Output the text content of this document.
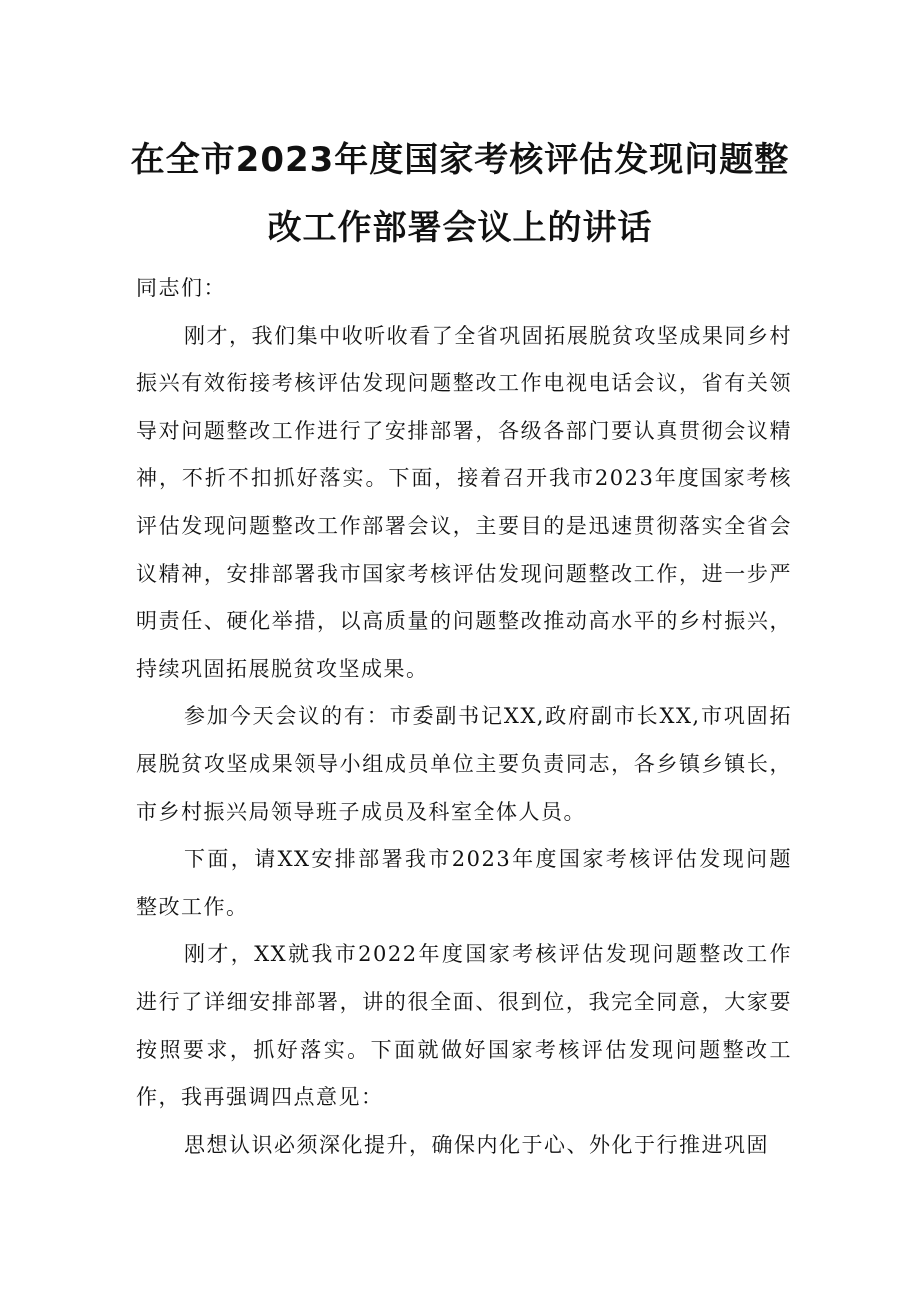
在全市2023年度国家考核评估发现问题整
改工作部署会议上的讲话

同志们：

刚才，我们集中收听收看了全省巩固拓展脱贫攻坚成果同乡村振兴有效衔接考核评估发现问题整改工作电视电话会议，省有关领导对问题整改工作进行了安排部署，各级各部门要认真贯彻会议精神，不折不扣抓好落实。下面，接着召开我市2023年度国家考核评估发现问题整改工作部署会议，主要目的是迅速贯彻落实全省会议精神，安排部署我市国家考核评估发现问题整改工作，进一步严明责任、硬化举措，以高质量的问题整改推动高水平的乡村振兴，持续巩固拓展脱贫攻坚成果。

参加今天会议的有：市委副书记XX,政府副市长XX,市巩固拓展脱贫攻坚成果领导小组成员单位主要负责同志，各乡镇乡镇长，市乡村振兴局领导班子成员及科室全体人员。

下面，请XX安排部署我市2023年度国家考核评估发现问题整改工作。

刚才，XX就我市2022年度国家考核评估发现问题整改工作进行了详细安排部署，讲的很全面、很到位，我完全同意，大家要按照要求，抓好落实。下面就做好国家考核评估发现问题整改工作，我再强调四点意见：

思想认识必须深化提升，确保内化于心、外化于行推进巩固
